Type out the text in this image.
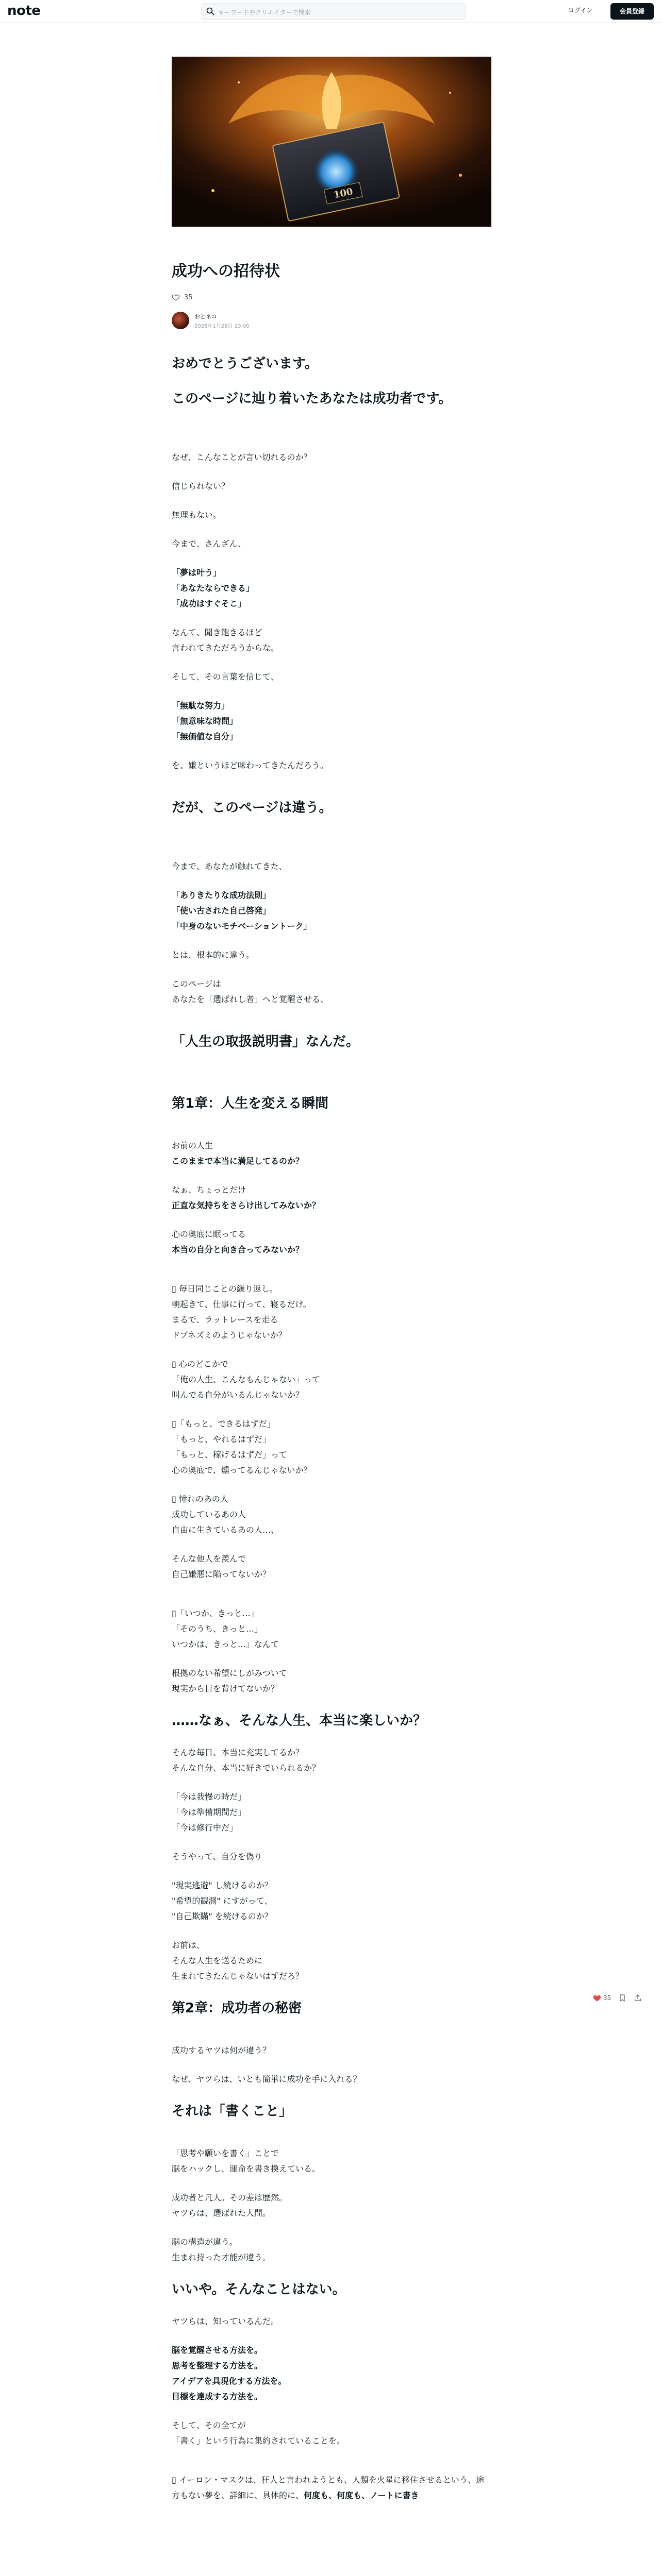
note	キーワードやクリエイターで検索	ログイン	会員登録
100
成功への招待状
35
おとネコ
2025年1月28日 13:00
おめでとうございます。
このページに辿り着いたあなたは成功者です。
なぜ、こんなことが言い切れるのか？
信じられない？
無理もない。
今まで、さんざん、
「夢は叶う」
「あなたならできる」
「成功はすぐそこ」
なんて、聞き飽きるほど
言われてきただろうからな。
そして、その言葉を信じて、
「無駄な努力」
「無意味な時間」
「無価値な自分」
を、嫌というほど味わってきたんだろう。
だが、このページは違う。
今まで、あなたが触れてきた、
「ありきたりな成功法則」
「使い古された自己啓発」
「中身のないモチベーショントーク」
とは、根本的に違う。
このページは
あなたを「選ばれし者」へと覚醒させる、
「人生の取扱説明書」なんだ。
第1章：人生を変える瞬間
お前の人生
このままで本当に満足してるのか？
なぁ、ちょっとだけ
正直な気持ちをさらけ出してみないか？
心の奥底に眠ってる
本当の自分と向き合ってみないか？
▯ 毎日同じことの繰り返し。
朝起きて、仕事に行って、寝るだけ。
まるで、ラットレースを走る
ドブネズミのようじゃないか？
▯ 心のどこかで
「俺の人生、こんなもんじゃない」って
叫んでる自分がいるんじゃないか？
▯「もっと、できるはずだ」
「もっと、やれるはずだ」
「もっと、稼げるはずだ」って
心の奥底で、燻ってるんじゃないか？
▯ 憧れのあの人
成功しているあの人
自由に生きているあの人…、
そんな他人を羨んで
自己嫌悪に陥ってないか？
▯「いつか、きっと…」
「そのうち、きっと…」
いつかは、きっと…」なんて
根拠のない希望にしがみついて
現実から目を背けてないか？
……なぁ、そんな人生、本当に楽しいか？
そんな毎日、本当に充実してるか？
そんな自分、本当に好きでいられるか？
「今は我慢の時だ」
「今は準備期間だ」
「今は修行中だ」
そうやって、自分を偽り
"現実逃避" し続けるのか？
"希望的観測" にすがって、
"自己欺瞞" を続けるのか？
お前は、
そんな人生を送るために
生まれてきたんじゃないはずだろ？
第2章：成功者の秘密
成功するヤツは何が違う？
なぜ、ヤツらは、いとも簡単に成功を手に入れる？
それは「書くこと」
「思考や願いを書く」ことで
脳をハックし、運命を書き換えている。
成功者と凡人。その差は歴然。
ヤツらは、選ばれた人間。
脳の構造が違う。
生まれ持った才能が違う。
いいや。そんなことはない。
ヤツらは、知っているんだ。
脳を覚醒させる方法を。
思考を整理する方法を。
アイデアを具現化する方法を。
目標を達成する方法を。
そして、その全てが
「書く」という行為に集約されていることを。
▯ イーロン・マスクは、狂人と言われようとも、人類を火星に移住させるという、途方もない夢を、詳細に、具体的に、何度も、何度も、ノートに書き
35
